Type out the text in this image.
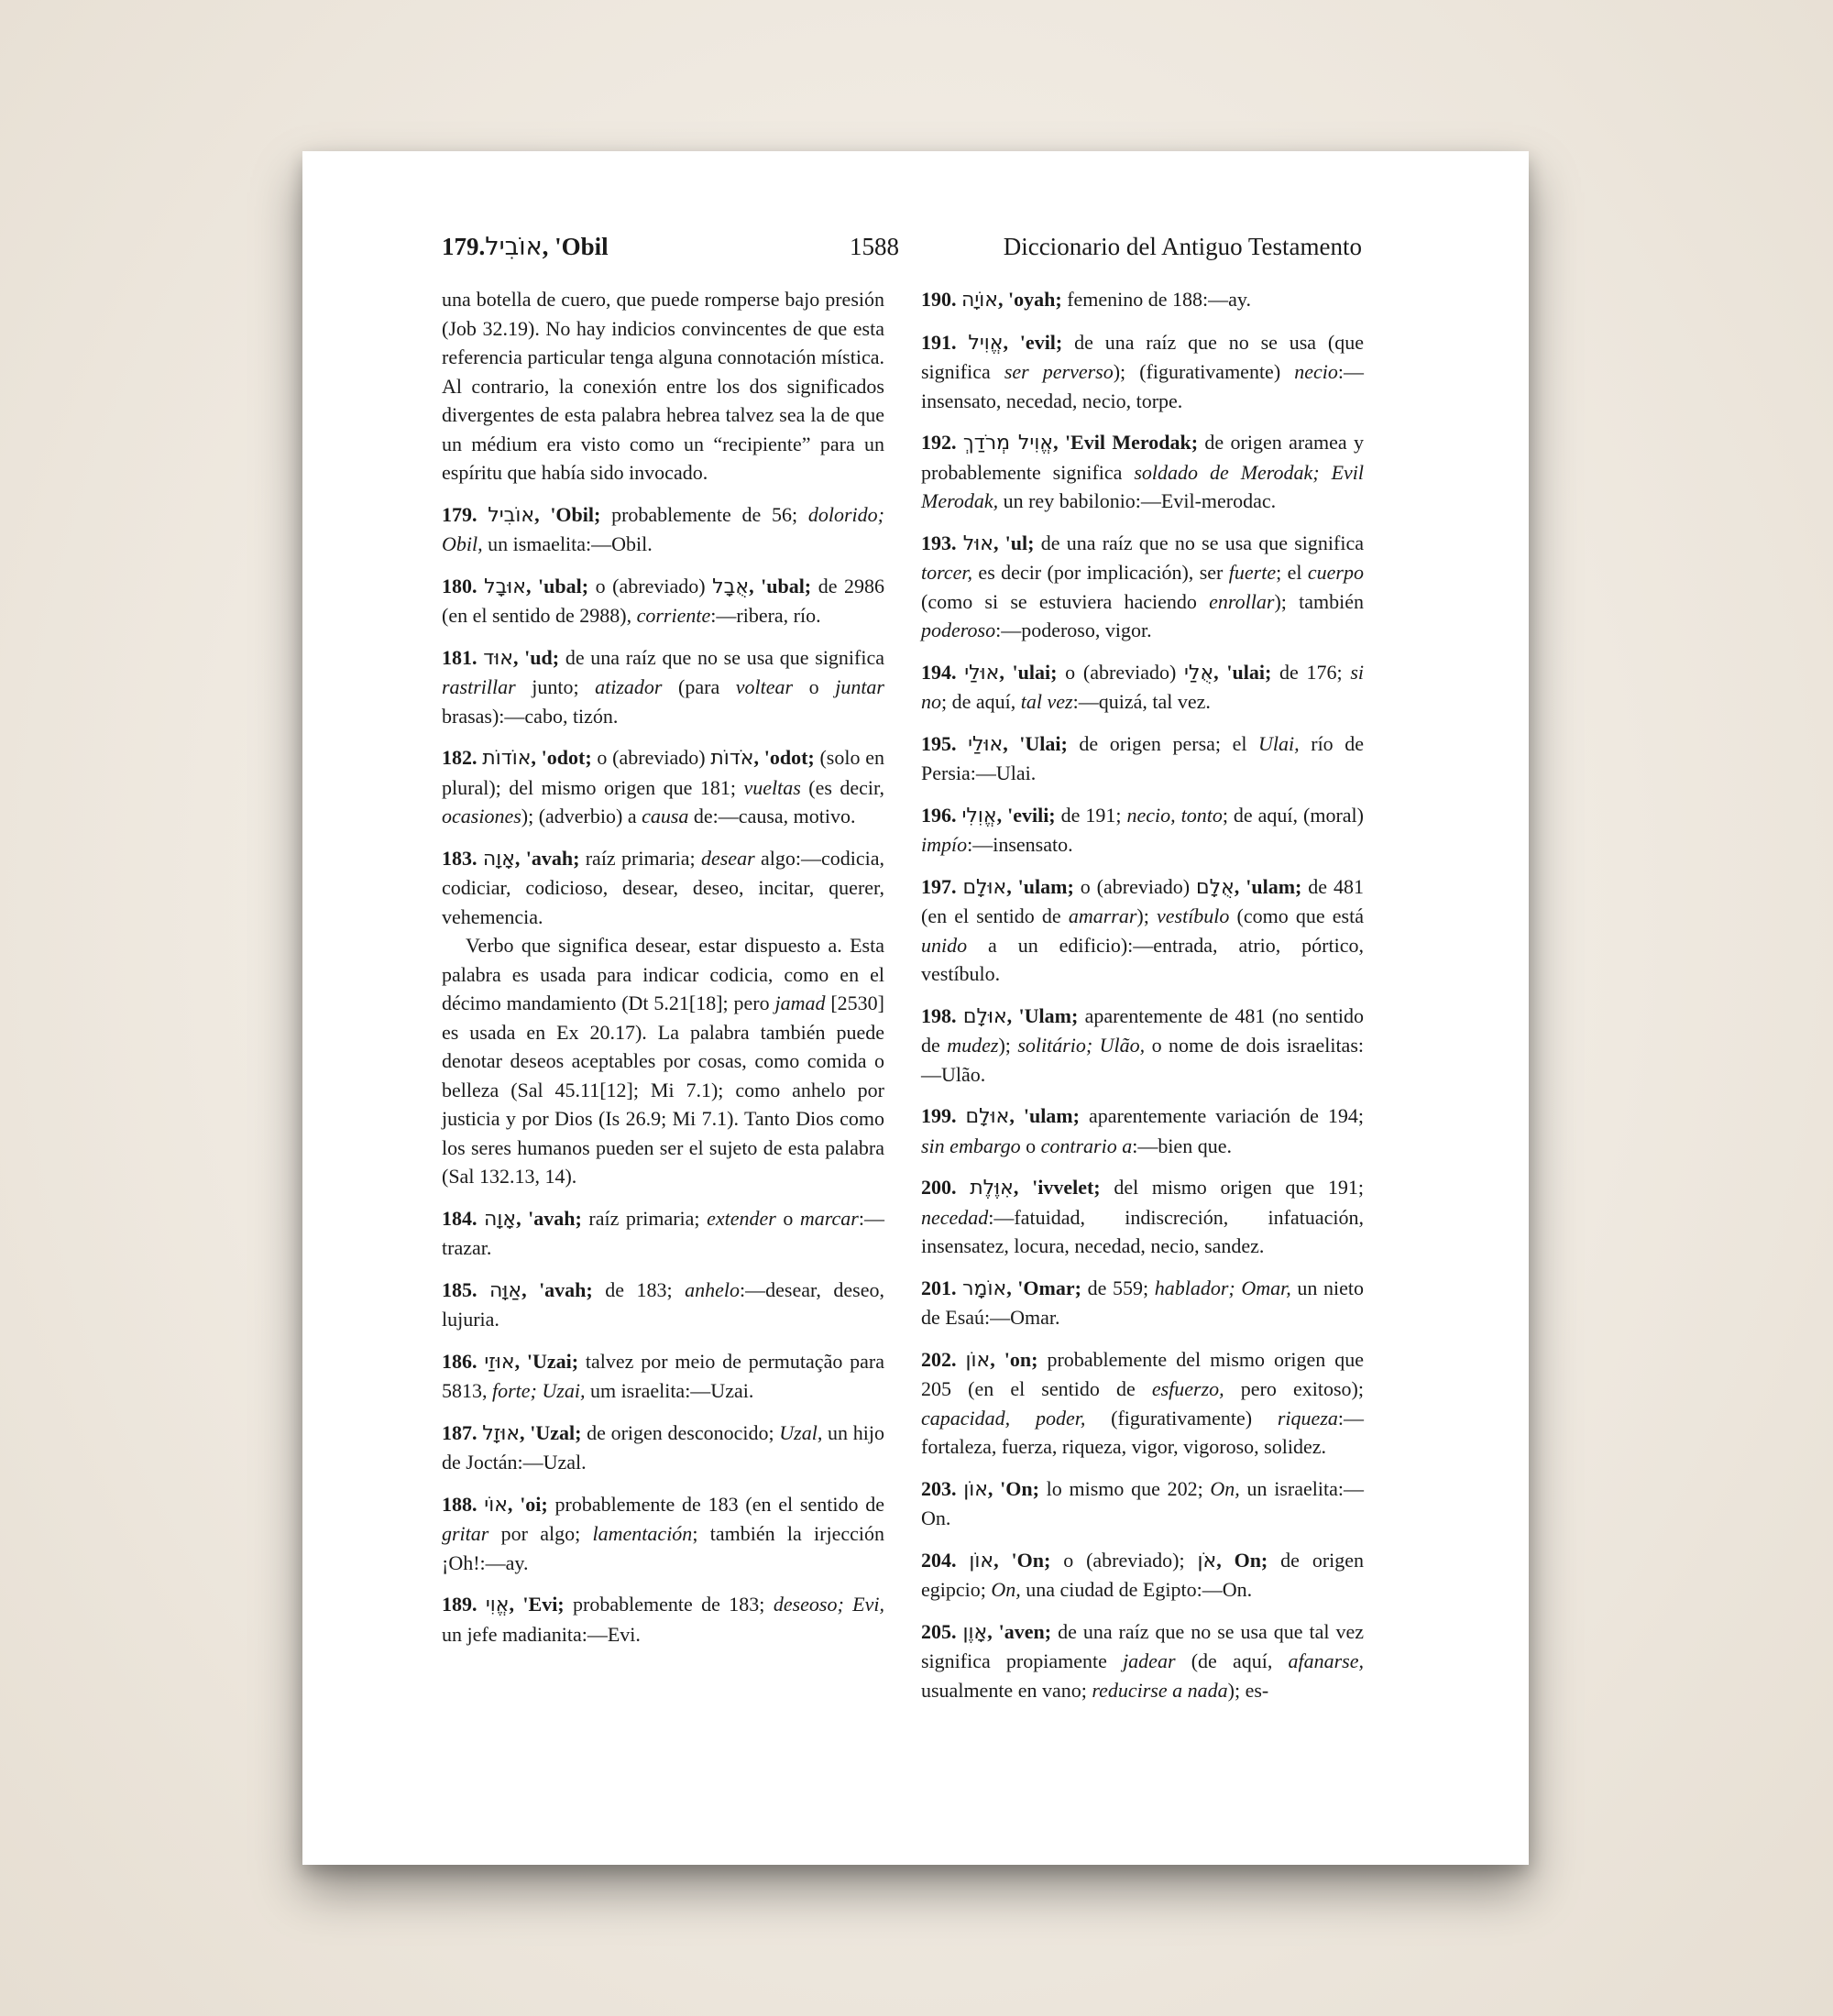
179.אוֹבִיל, 'Obil	1588	Diccionario del Antiguo Testamento

una botella de cuero, que puede romperse bajo presión (Job 32.19). No hay indicios convincentes de que esta referencia particular tenga alguna connotación mística. Al contrario, la conexión entre los dos significados divergentes de esta palabra hebrea talvez sea la de que un médium era visto como un “recipiente” para un espíritu que había sido invocado.

179. אוֹבִיל, 'Obil; probablemente de 56; dolorido; Obil, un ismaelita:—Obil.

180. אוּבָל, 'ubal; o (abreviado) אֻבָל, 'ubal; de 2986 (en el sentido de 2988), corriente:—ribera, río.

181. אוּד, 'ud; de una raíz que no se usa que significa rastrillar junto; atizador (para voltear o juntar brasas):—cabo, tizón.

182. אוֹדוֹת, 'odot; o (abreviado) אֹדוֹת, 'odot; (solo en plural); del mismo origen que 181; vueltas (es decir, ocasiones); (adverbio) a causa de:—causa, motivo.

183. אָוָה, 'avah; raíz primaria; desear algo:—codicia, codiciar, codicioso, desear, deseo, incitar, querer, vehemencia.

Verbo que significa desear, estar dispuesto a. Esta palabra es usada para indicar codicia, como en el décimo mandamiento (Dt 5.21[18]; pero jamad [2530] es usada en Ex 20.17). La palabra también puede denotar deseos aceptables por cosas, como comida o belleza (Sal 45.11[12]; Mi 7.1); como anhelo por justicia y por Dios (Is 26.9; Mi 7.1). Tanto Dios como los seres humanos pueden ser el sujeto de esta palabra (Sal 132.13, 14).

184. אָוָה, 'avah; raíz primaria; extender o marcar:—trazar.

185. אַוָּה, 'avah; de 183; anhelo:—desear, deseo, lujuria.

186. אוּזַי, 'Uzai; talvez por meio de permutação para 5813, forte; Uzai, um israelita:—Uzai.

187. אוּזָל, 'Uzal; de origen desconocido; Uzal, un hijo de Joctán:—Uzal.

188. אוֹי, 'oi; probablemente de 183 (en el sentido de gritar por algo; lamentación; también la irjección ¡Oh!:—ay.

189. אֱוִי, 'Evi; probablemente de 183; deseoso; Evi, un jefe madianita:—Evi.

190. אוֹיָה, 'oyah; femenino de 188:—ay.

191. אֱוִיל, 'evil; de una raíz que no se usa (que significa ser perverso); (figurativamente) necio:—insensato, necedad, necio, torpe.

192. אֱוִיל מְרֹדַךְ, 'Evil Merodak; de origen aramea y probablemente significa soldado de Merodak; Evil Merodak, un rey babilonio:—Evil-merodac.

193. אוּל, 'ul; de una raíz que no se usa que significa torcer, es decir (por implicación), ser fuerte; el cuerpo (como si se estuviera haciendo enrollar); también poderoso:—poderoso, vigor.

194. אוּלַי, 'ulai; o (abreviado) אֻלַי, 'ulai; de 176; si no; de aquí, tal vez:—quizá, tal vez.

195. אוּלַי, 'Ulai; de origen persa; el Ulai, río de Persia:—Ulai.

196. אֱוִלִי, 'evili; de 191; necio, tonto; de aquí, (moral) impío:—insensato.

197. אוּלָם, 'ulam; o (abreviado) אֻלָם, 'ulam; de 481 (en el sentido de amarrar); vestíbulo (como que está unido a un edificio):—entrada, atrio, pórtico, vestíbulo.

198. אוּלָם, 'Ulam; aparentemente de 481 (no sentido de mudez); solitário; Ulão, o nome de dois israelitas:—Ulão.

199. אוּלָם, 'ulam; aparentemente variación de 194; sin embargo o contrario a:—bien que.

200. אִוֶּלֶת, 'ivvelet; del mismo origen que 191; necedad:—fatuidad, indiscreción, infatuación, insensatez, locura, necedad, necio, sandez.

201. אוֹמָר, 'Omar; de 559; hablador; Omar, un nieto de Esaú:—Omar.

202. אוֹן, 'on; probablemente del mismo origen que 205 (en el sentido de esfuerzo, pero exitoso); capacidad, poder, (figurativamente) riqueza:—fortaleza, fuerza, riqueza, vigor, vigoroso, solidez.

203. אוֹן, 'On; lo mismo que 202; On, un israelita:—On.

204. אוֹן, 'On; o (abreviado); אֹן, On; de origen egipcio; On, una ciudad de Egipto:—On.

205. אָוֶן, 'aven; de una raíz que no se usa que tal vez significa propiamente jadear (de aquí, afanarse, usualmente en vano; reducirse a nada); es-
